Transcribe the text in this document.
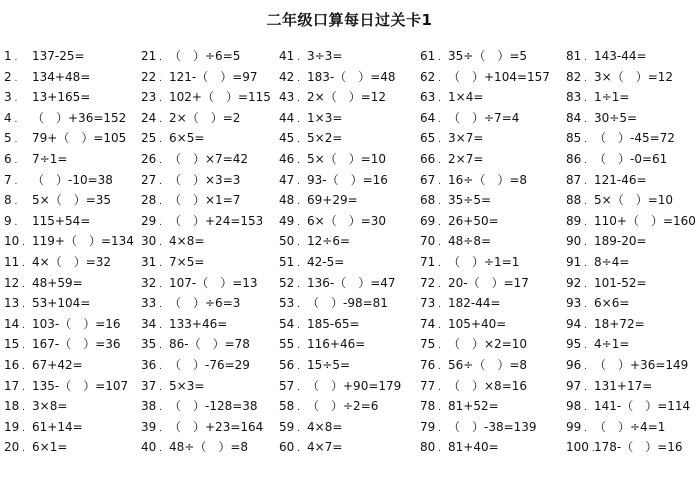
二年级口算每日过关卡1
1 . 137-25=
2 . 134+48=
3 . 13+165=
4 . （　）+36=152
5 . 79+（　）=105
6 . 7÷1=
7 . （　）-10=38
8 . 5×（　）=35
9 . 115+54=
10 . 119+（　）=134
11 . 4×（　）=32
12 . 48+59=
13 . 53+104=
14 . 103-（　）=16
15 . 167-（　）=36
16 . 67+42=
17 . 135-（　）=107
18 . 3×8=
19 . 61+14=
20 . 6×1=
21 . （　）÷6=5
22 . 121-（　）=97
23 . 102+（　）=115
24 . 2×（　）=2
25 . 6×5=
26 . （　）×7=42
27 . （　）×3=3
28 . （　）×1=7
29 . （　）+24=153
30 . 4×8=
31 . 7×5=
32 . 107-（　）=13
33 . （　）÷6=3
34 . 133+46=
35 . 86-（　）=78
36 . （　）-76=29
37 . 5×3=
38 . （　）-128=38
39 . （　）+23=164
40 . 48÷（　）=8
41 . 3÷3=
42 . 183-（　）=48
43 . 2×（　）=12
44 . 1×3=
45 . 5×2=
46 . 5×（　）=10
47 . 93-（　）=16
48 . 69+29=
49 . 6×（　）=30
50 . 12÷6=
51 . 42-5=
52 . 136-（　）=47
53 . （　）-98=81
54 . 185-65=
55 . 116+46=
56 . 15÷5=
57 . （　）+90=179
58 . （　）÷2=6
59 . 4×8=
60 . 4×7=
61 . 35÷（　）=5
62 . （　）+104=157
63 . 1×4=
64 . （　）÷7=4
65 . 3×7=
66 . 2×7=
67 . 16÷（　）=8
68 . 35÷5=
69 . 26+50=
70 . 48÷8=
71 . （　）÷1=1
72 . 20-（　）=17
73 . 182-44=
74 . 105+40=
75 . （　）×2=10
76 . 56÷（　）=8
77 . （　）×8=16
78 . 81+52=
79 . （　）-38=139
80 . 81+40=
81 . 143-44=
82 . 3×（　）=12
83 . 1÷1=
84 . 30÷5=
85 . （　）-45=72
86 . （　）-0=61
87 . 121-46=
88 . 5×（　）=10
89 . 110+（　）=160
90 . 189-20=
91 . 8÷4=
92 . 101-52=
93 . 6×6=
94 . 18+72=
95 . 4÷1=
96 . （　）+36=149
97 . 131+17=
98 . 141-（　）=114
99 . （　）÷4=1
100 . 178-（　）=16
